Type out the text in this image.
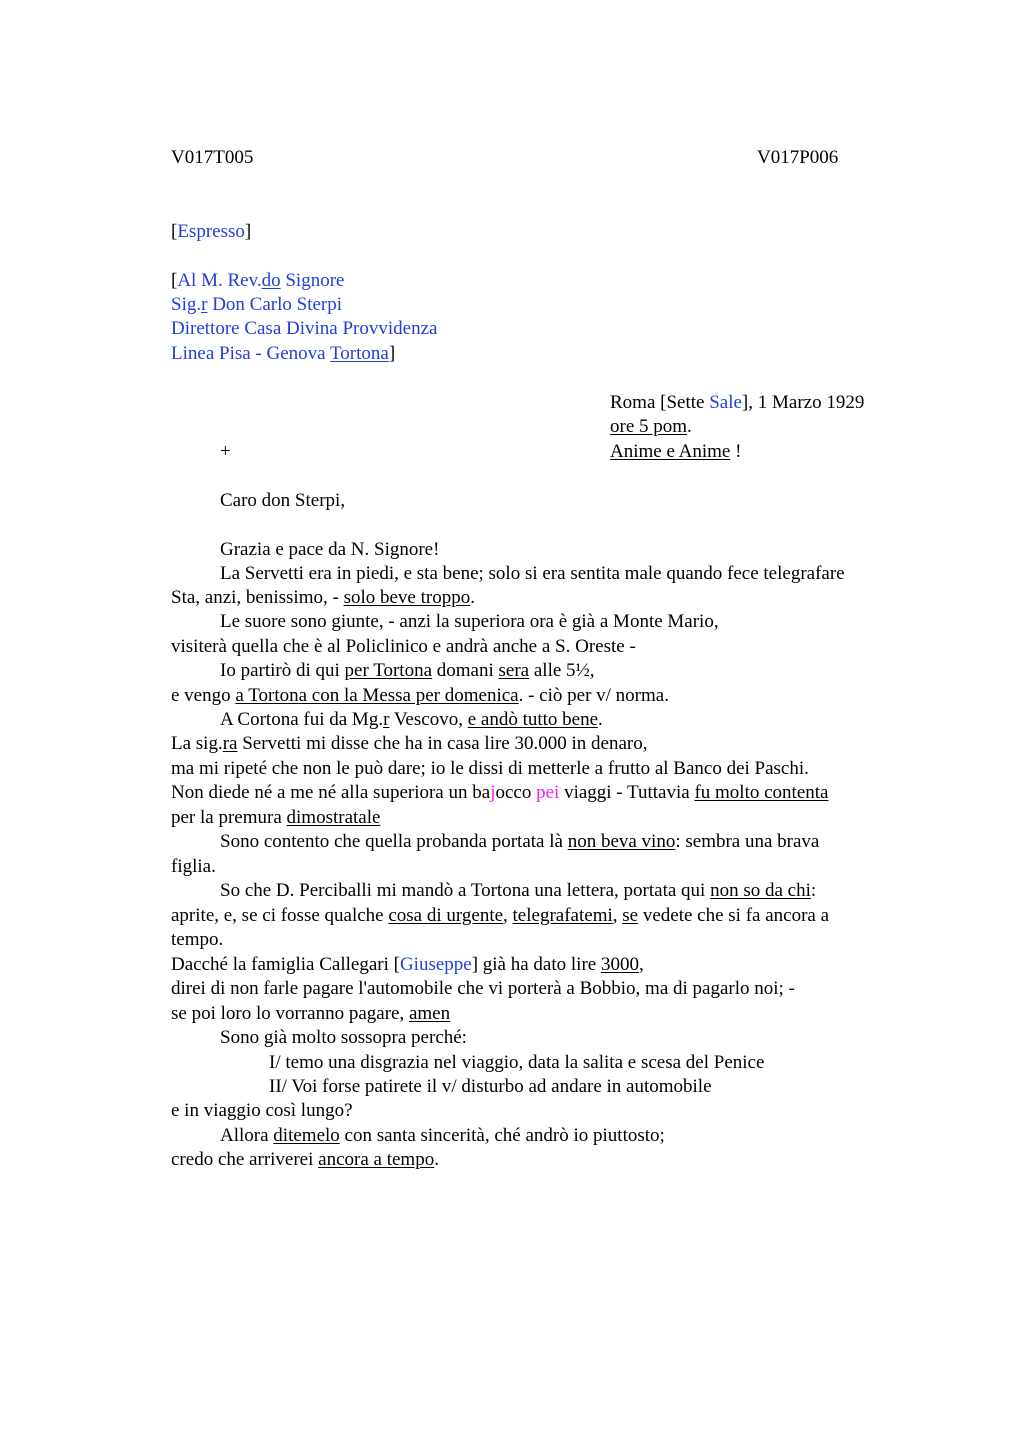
V017T005	V017P006
[Espresso]
[Al M. Rev.do Signore
Sig.r Don Carlo Sterpi
Direttore Casa Divina Provvidenza
Linea Pisa - Genova Tortona]
Roma [Sette Sale], 1 Marzo 1929
ore 5 pom.
Anime e Anime !
+
Caro don Sterpi,
Grazia e pace da N. Signore!
La Servetti era in piedi, e sta bene; solo si era sentita male quando fece telegrafare
Sta, anzi, benissimo, - solo beve troppo.
Le suore sono giunte, - anzi la superiora ora è già a Monte Mario,
visiterà quella che è al Policlinico e andrà anche a S. Oreste -
Io partirò di qui per Tortona domani sera alle 5½,
e vengo a Tortona con la Messa per domenica. - ciò per v/ norma.
A Cortona fui da Mg.r Vescovo, e andò tutto bene.
La sig.ra Servetti mi disse che ha in casa lire 30.000 in denaro,
ma mi ripeté che non le può dare; io le dissi di metterle a frutto al Banco dei Paschi.
Non diede né a me né alla superiora un bajocco pei viaggi - Tuttavia fu molto contenta
per la premura dimostratale
Sono contento che quella probanda portata là non beva vino: sembra una brava
figlia.
So che D. Perciballi mi mandò a Tortona una lettera, portata qui non so da chi:
aprite, e, se ci fosse qualche cosa di urgente, telegrafatemi, se vedete che si fa ancora a
tempo.
Dacché la famiglia Callegari [Giuseppe] già ha dato lire 3000,
direi di non farle pagare l'automobile che vi porterà a Bobbio, ma di pagarlo noi; -
se poi loro lo vorranno pagare, amen
Sono già molto sossopra perché:
I/ temo una disgrazia nel viaggio, data la salita e scesa del Penice
II/ Voi forse patirete il v/ disturbo ad andare in automobile
e in viaggio così lungo?
Allora ditemelo con santa sincerità, ché andrò io piuttosto;
credo che arriverei ancora a tempo.
